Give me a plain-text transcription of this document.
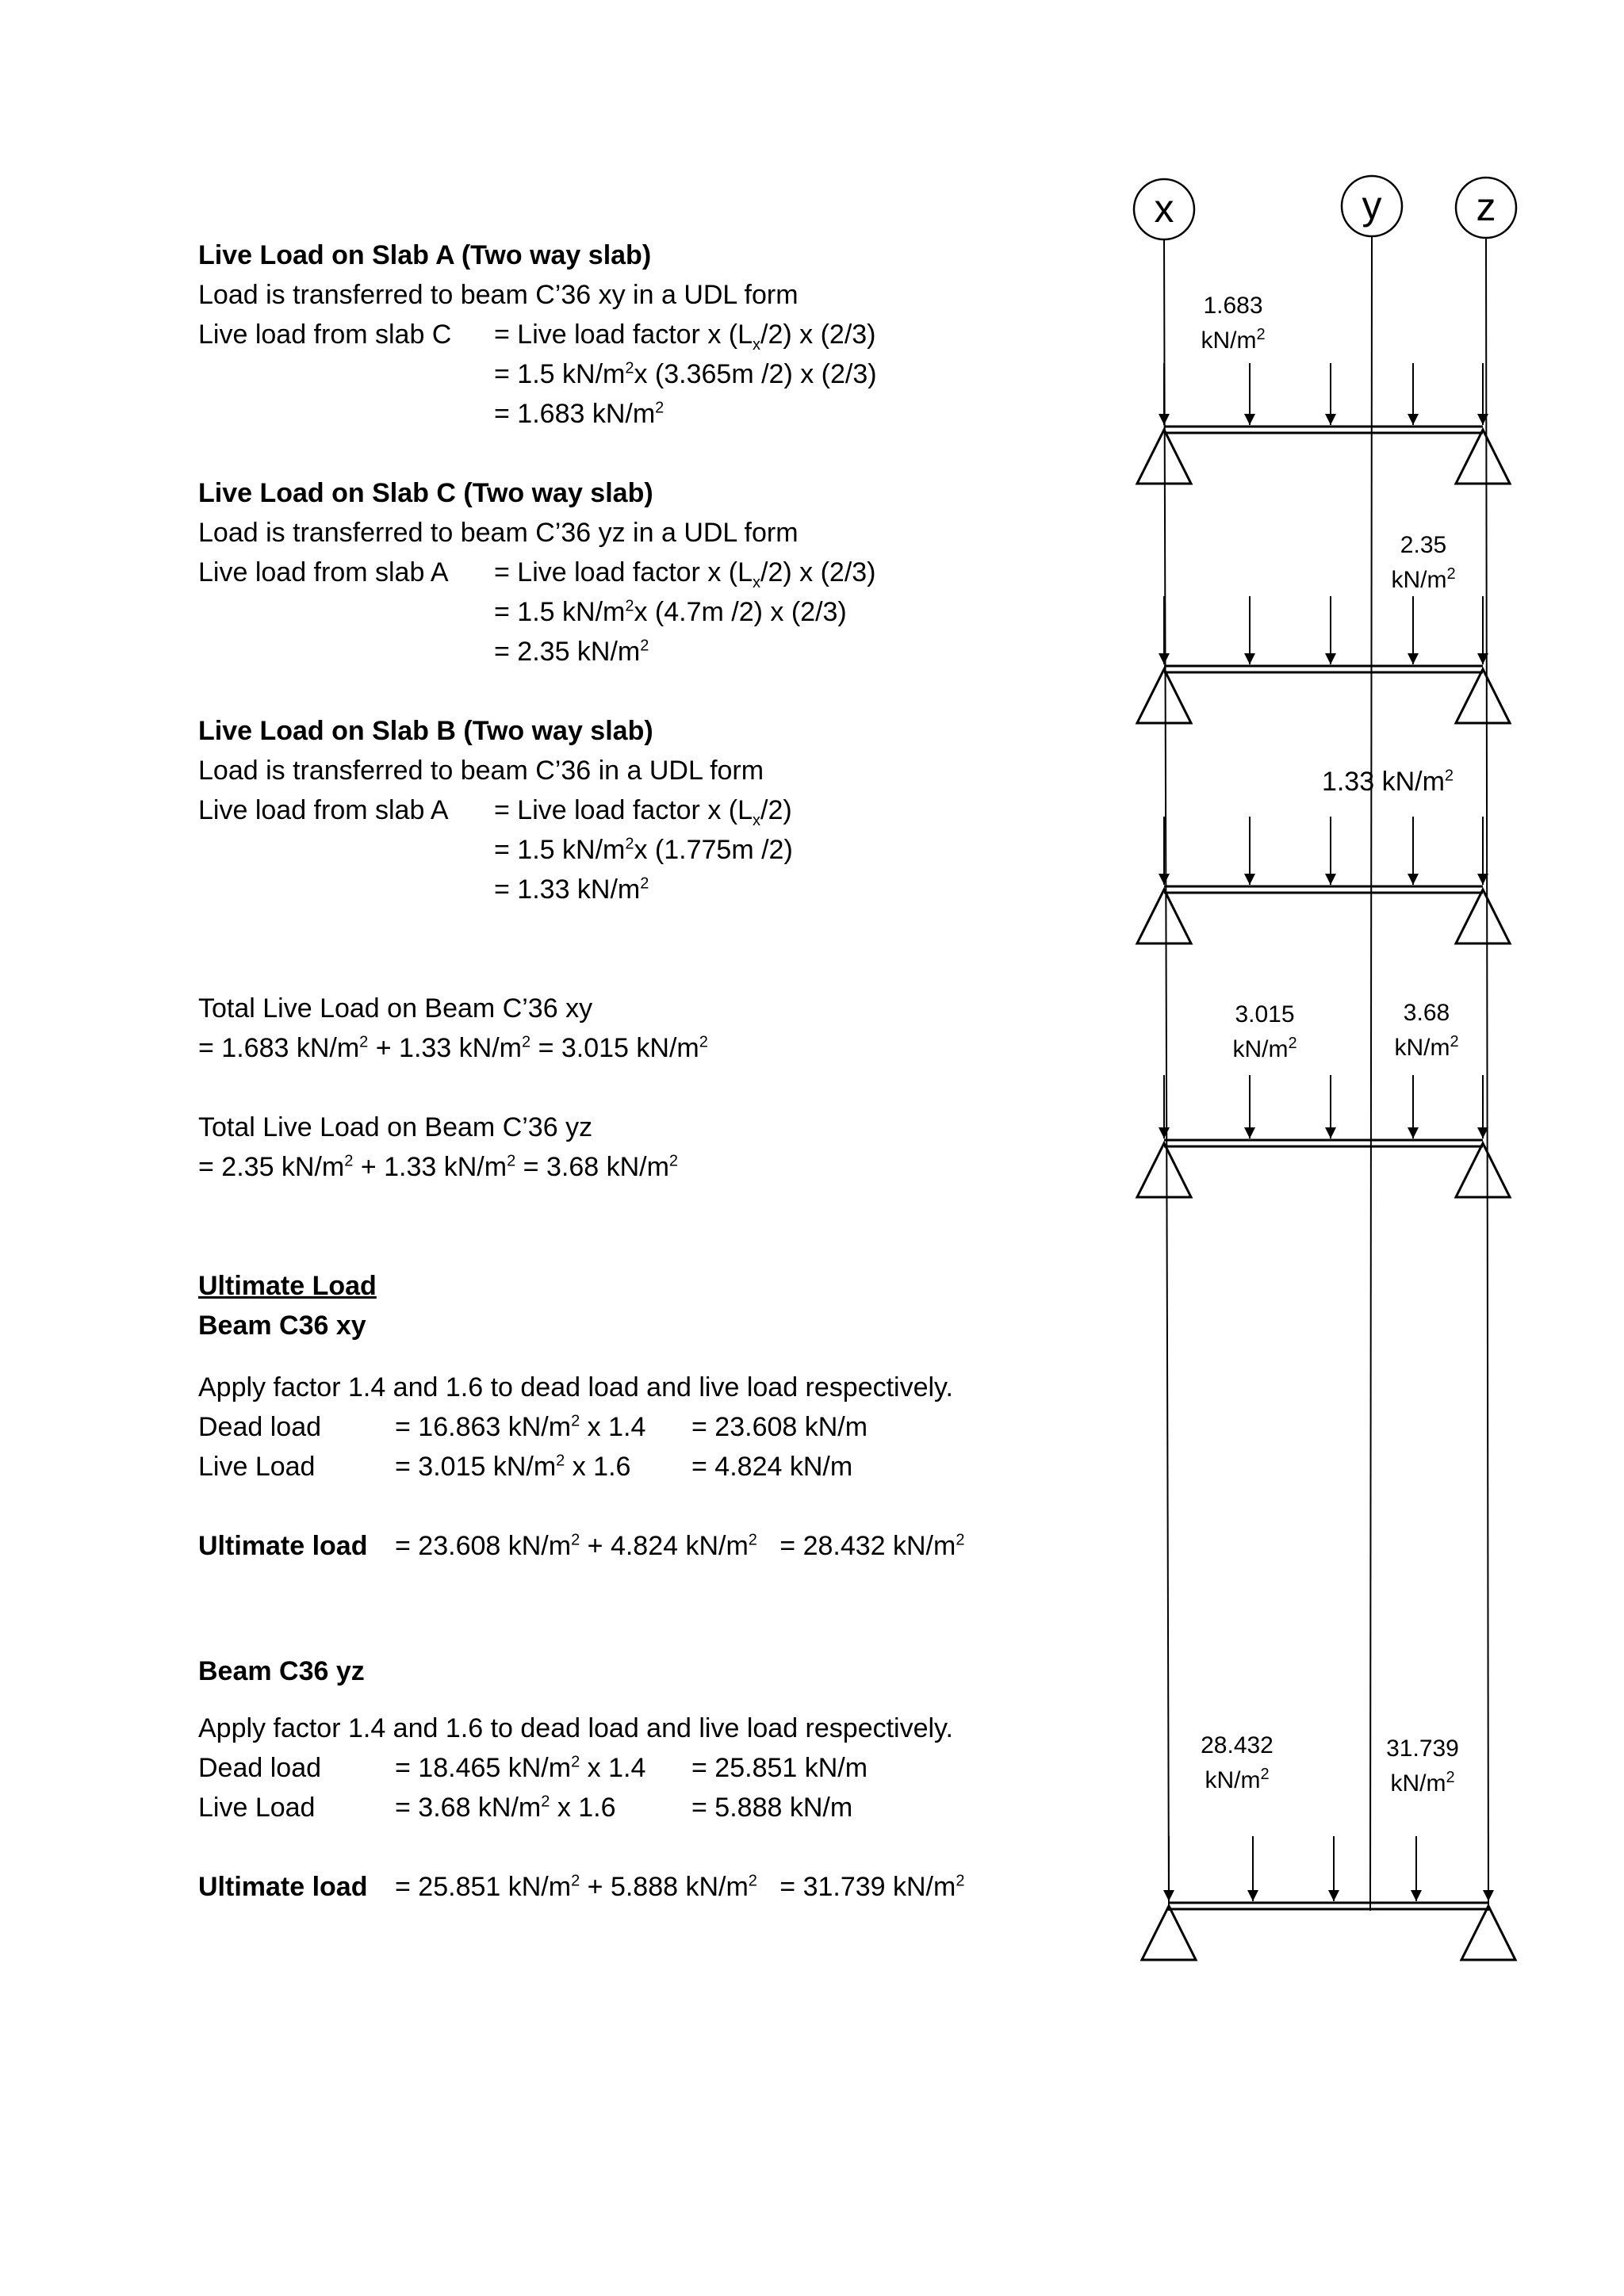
Live Load on Slab A (Two way slab)
Load is transferred to beam C’36 xy in a UDL form
Live load from slab C = Live load factor x $(L_x/2)$ x (2/3)
= 1.5 $kN/m^2x$ (3.365m /2) x (2/3)
= 1.683 $kN/m^2$
Live Load on Slab C (Two way slab)
Load is transferred to beam C’36 yz in a UDL form
Live load from slab A = Live load factor x $(L_x/2)$ x (2/3)
= 1.5 $kN/m^2x$ (4.7m /2) x (2/3)
= 2.35 $kN/m^2$
Live Load on Slab B (Two way slab)
Load is transferred to beam C’36 in a UDL form
Live load from slab A = Live load factor x $(L_x/2)$
= 1.5 $kN/m^2x$ (1.775m /2)
= 1.33 $kN/m^2$
Total Live Load on Beam C’36 xy
= 1.683 $kN/m^2 + 1.33$ $kN/m^2 = 3.015$ $kN/m^2$
Total Live Load on Beam C’36 yz
= 2.35 $kN/m^2 + 1.33$ $kN/m^2 = 3.68$ $kN/m^2$
Ultimate Load
Beam C36 xy
Apply factor 1.4 and 1.6 to dead load and live load respectively.
Dead load	= 16.863 $kN/m^2$ x 1.4 = 23.608 kN/m
Live Load	= 3.015 $kN/m^2$ x 1.6 = 4.824 kN/m
Ultimate load = 23.608 $kN/m^2 + 4.824$ $kN/m^2 = 28.432$ $kN/m^2$
Beam C36 yz
Apply factor 1.4 and 1.6 to dead load and live load respectively.
Dead load	= 18.465 $kN/m^2$ x 1.4 = 25.851 kN/m
Live Load	= 3.68 $kN/m^2$ x 1.6	= 5.888 kN/m
Ultimate load = 25.851 $kN/m^2 + 5.888$ $kN/m^2 = 31.739$ $kN/m^2$
x	y z
1.683
$kN/m^2$
2.35
$kN/m^2$
1.33 $kN/m^2$
3.015
$kN/m^2$
3.68
$kN/m^2$
28.432
$kN/m^2$
31.739
$kN/m^2$
